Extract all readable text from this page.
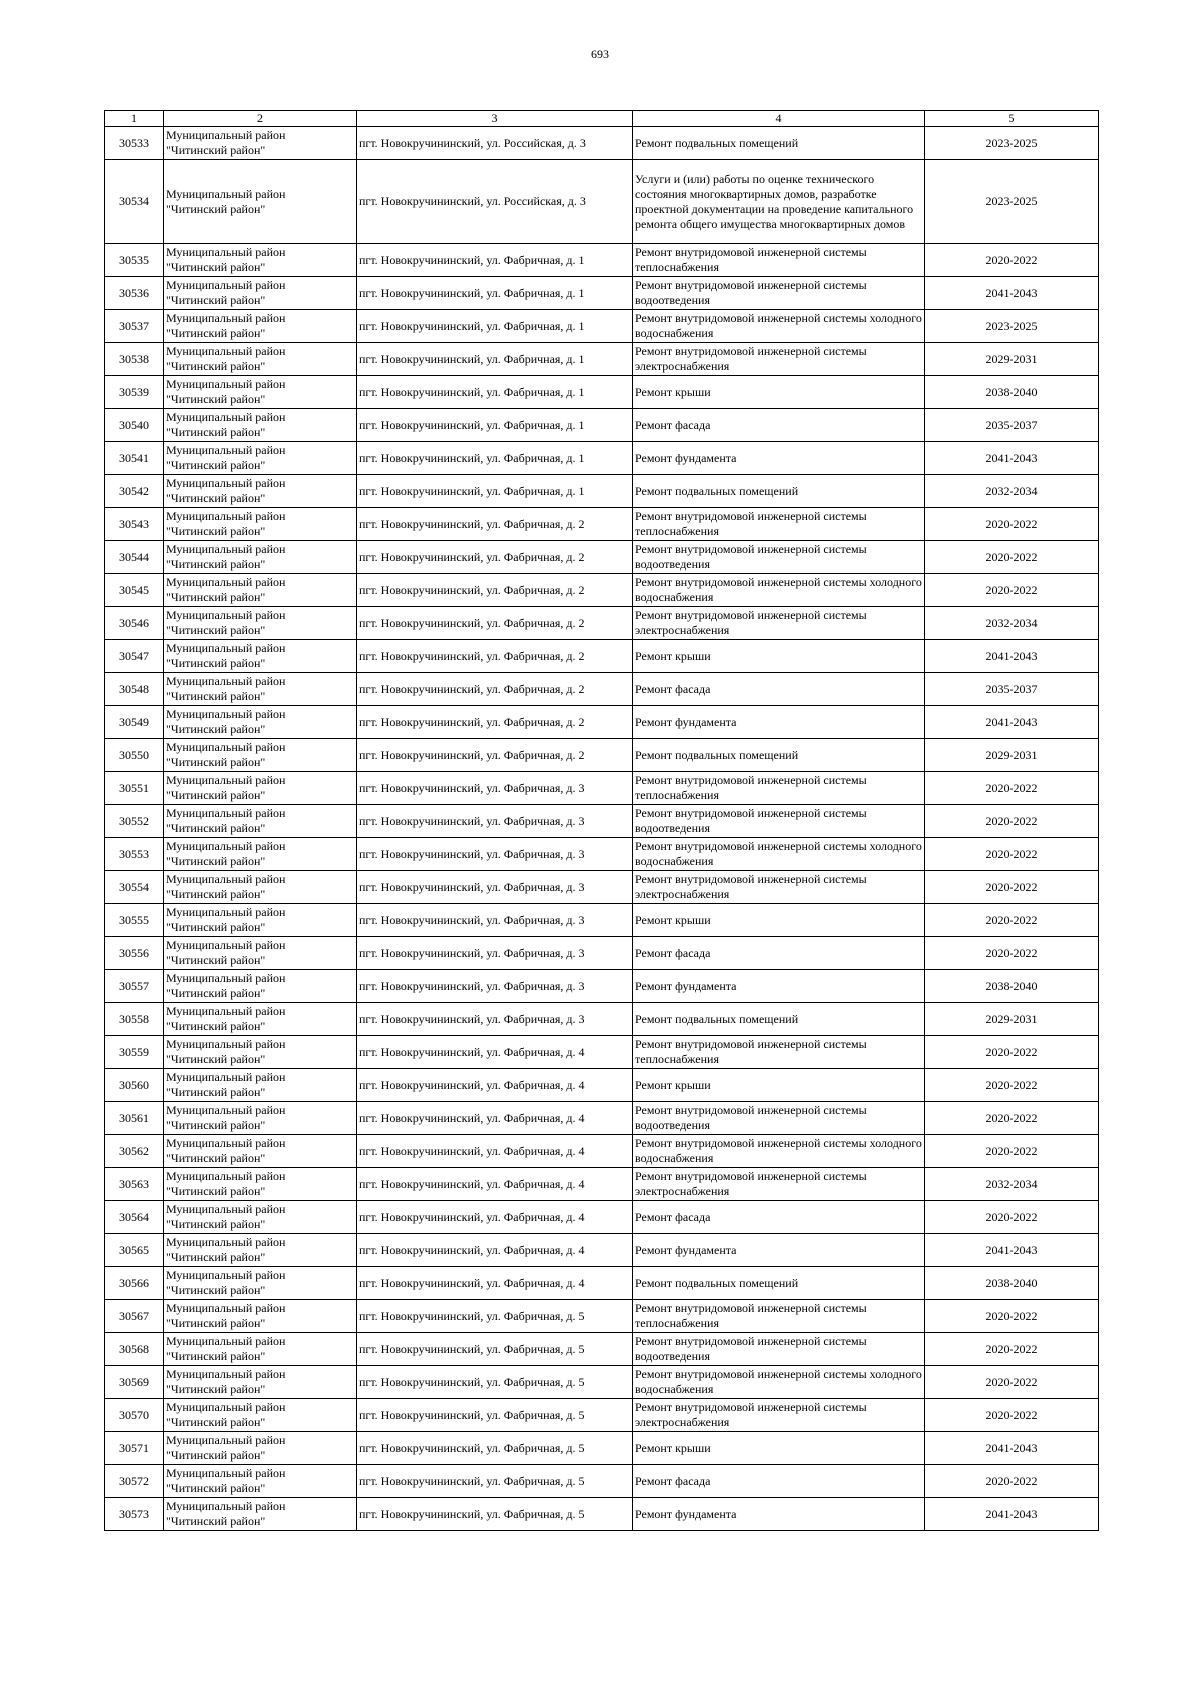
693
1	2	3	4	5
30533	Муниципальный район
"Читинский район"	пгт. Новокручининский, ул. Российская, д. 3	Ремонт подвальных помещений	2023-2025
30534	Муниципальный район
"Читинский район"	пгт. Новокручининский, ул. Российская, д. 3	Услуги и (или) работы по оценке технического состояния многоквартирных домов, разработке проектной документации на проведение капитального ремонта общего имущества многоквартирных домов	2023-2025
30535	Муниципальный район
"Читинский район"	пгт. Новокручининский, ул. Фабричная, д. 1	Ремонт внутридомовой инженерной системы теплоснабжения	2020-2022
30536	Муниципальный район
"Читинский район"	пгт. Новокручининский, ул. Фабричная, д. 1	Ремонт внутридомовой инженерной системы водоотведения	2041-2043
30537	Муниципальный район
"Читинский район"	пгт. Новокручининский, ул. Фабричная, д. 1	Ремонт внутридомовой инженерной системы холодного водоснабжения	2023-2025
30538	Муниципальный район
"Читинский район"	пгт. Новокручининский, ул. Фабричная, д. 1	Ремонт внутридомовой инженерной системы электроснабжения	2029-2031
30539	Муниципальный район
"Читинский район"	пгт. Новокручининский, ул. Фабричная, д. 1	Ремонт крыши	2038-2040
30540	Муниципальный район
"Читинский район"	пгт. Новокручининский, ул. Фабричная, д. 1	Ремонт фасада	2035-2037
30541	Муниципальный район
"Читинский район"	пгт. Новокручининский, ул. Фабричная, д. 1	Ремонт фундамента	2041-2043
30542	Муниципальный район
"Читинский район"	пгт. Новокручининский, ул. Фабричная, д. 1	Ремонт подвальных помещений	2032-2034
30543	Муниципальный район
"Читинский район"	пгт. Новокручининский, ул. Фабричная, д. 2	Ремонт внутридомовой инженерной системы теплоснабжения	2020-2022
30544	Муниципальный район
"Читинский район"	пгт. Новокручининский, ул. Фабричная, д. 2	Ремонт внутридомовой инженерной системы водоотведения	2020-2022
30545	Муниципальный район
"Читинский район"	пгт. Новокручининский, ул. Фабричная, д. 2	Ремонт внутридомовой инженерной системы холодного водоснабжения	2020-2022
30546	Муниципальный район
"Читинский район"	пгт. Новокручининский, ул. Фабричная, д. 2	Ремонт внутридомовой инженерной системы электроснабжения	2032-2034
30547	Муниципальный район
"Читинский район"	пгт. Новокручининский, ул. Фабричная, д. 2	Ремонт крыши	2041-2043
30548	Муниципальный район
"Читинский район"	пгт. Новокручининский, ул. Фабричная, д. 2	Ремонт фасада	2035-2037
30549	Муниципальный район
"Читинский район"	пгт. Новокручининский, ул. Фабричная, д. 2	Ремонт фундамента	2041-2043
30550	Муниципальный район
"Читинский район"	пгт. Новокручининский, ул. Фабричная, д. 2	Ремонт подвальных помещений	2029-2031
30551	Муниципальный район
"Читинский район"	пгт. Новокручининский, ул. Фабричная, д. 3	Ремонт внутридомовой инженерной системы теплоснабжения	2020-2022
30552	Муниципальный район
"Читинский район"	пгт. Новокручининский, ул. Фабричная, д. 3	Ремонт внутридомовой инженерной системы водоотведения	2020-2022
30553	Муниципальный район
"Читинский район"	пгт. Новокручининский, ул. Фабричная, д. 3	Ремонт внутридомовой инженерной системы холодного водоснабжения	2020-2022
30554	Муниципальный район
"Читинский район"	пгт. Новокручининский, ул. Фабричная, д. 3	Ремонт внутридомовой инженерной системы электроснабжения	2020-2022
30555	Муниципальный район
"Читинский район"	пгт. Новокручининский, ул. Фабричная, д. 3	Ремонт крыши	2020-2022
30556	Муниципальный район
"Читинский район"	пгт. Новокручининский, ул. Фабричная, д. 3	Ремонт фасада	2020-2022
30557	Муниципальный район
"Читинский район"	пгт. Новокручининский, ул. Фабричная, д. 3	Ремонт фундамента	2038-2040
30558	Муниципальный район
"Читинский район"	пгт. Новокручининский, ул. Фабричная, д. 3	Ремонт подвальных помещений	2029-2031
30559	Муниципальный район
"Читинский район"	пгт. Новокручининский, ул. Фабричная, д. 4	Ремонт внутридомовой инженерной системы теплоснабжения	2020-2022
30560	Муниципальный район
"Читинский район"	пгт. Новокручининский, ул. Фабричная, д. 4	Ремонт крыши	2020-2022
30561	Муниципальный район
"Читинский район"	пгт. Новокручининский, ул. Фабричная, д. 4	Ремонт внутридомовой инженерной системы водоотведения	2020-2022
30562	Муниципальный район
"Читинский район"	пгт. Новокручининский, ул. Фабричная, д. 4	Ремонт внутридомовой инженерной системы холодного водоснабжения	2020-2022
30563	Муниципальный район
"Читинский район"	пгт. Новокручининский, ул. Фабричная, д. 4	Ремонт внутридомовой инженерной системы электроснабжения	2032-2034
30564	Муниципальный район
"Читинский район"	пгт. Новокручининский, ул. Фабричная, д. 4	Ремонт фасада	2020-2022
30565	Муниципальный район
"Читинский район"	пгт. Новокручининский, ул. Фабричная, д. 4	Ремонт фундамента	2041-2043
30566	Муниципальный район
"Читинский район"	пгт. Новокручининский, ул. Фабричная, д. 4	Ремонт подвальных помещений	2038-2040
30567	Муниципальный район
"Читинский район"	пгт. Новокручининский, ул. Фабричная, д. 5	Ремонт внутридомовой инженерной системы теплоснабжения	2020-2022
30568	Муниципальный район
"Читинский район"	пгт. Новокручининский, ул. Фабричная, д. 5	Ремонт внутридомовой инженерной системы водоотведения	2020-2022
30569	Муниципальный район
"Читинский район"	пгт. Новокручининский, ул. Фабричная, д. 5	Ремонт внутридомовой инженерной системы холодного водоснабжения	2020-2022
30570	Муниципальный район
"Читинский район"	пгт. Новокручининский, ул. Фабричная, д. 5	Ремонт внутридомовой инженерной системы электроснабжения	2020-2022
30571	Муниципальный район
"Читинский район"	пгт. Новокручининский, ул. Фабричная, д. 5	Ремонт крыши	2041-2043
30572	Муниципальный район
"Читинский район"	пгт. Новокручининский, ул. Фабричная, д. 5	Ремонт фасада	2020-2022
30573	Муниципальный район
"Читинский район"	пгт. Новокручининский, ул. Фабричная, д. 5	Ремонт фундамента	2041-2043
